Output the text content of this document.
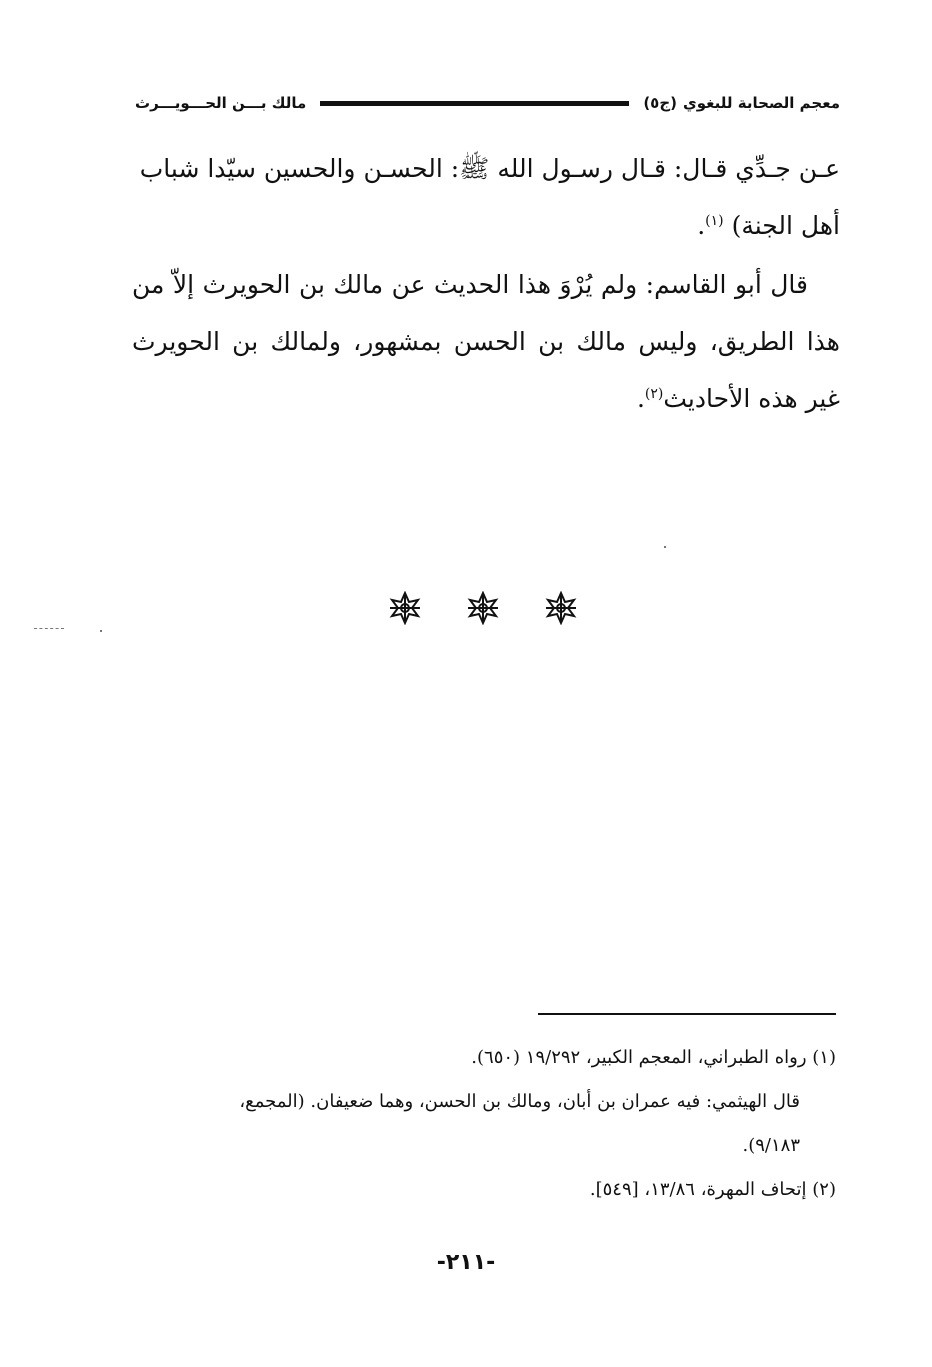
معجم الصحابة للبغوي
(ج٥)
مالك بـــن الحـــويـــرث

عـن جـدِّي قـال: قـال رسـول الله ﷺ: الحسـن والحسين سيّدا شباب
أهل الجنة) $^{(١)}$.

قال أبو القاسم: ولم يُرْوَ هذا الحديث عن مالك بن الحويرث إلاّ من هذا الطريق، وليس مالك بن الحسن بمشهور، ولمالك بن الحويرث غير هذه الأحاديث$^{(٢)}$.

(١) رواه الطبراني، المعجم الكبير، ١٩/٢٩٢ (٦٥٠).

قال الهيثمي: فيه عمران بن أبان، ومالك بن الحسن، وهما ضعيفان. (المجمع،

٩/١٨٣).

(٢) إتحاف المهرة، ١٣/٨٦، [٥٤٩].

-٢١١-
